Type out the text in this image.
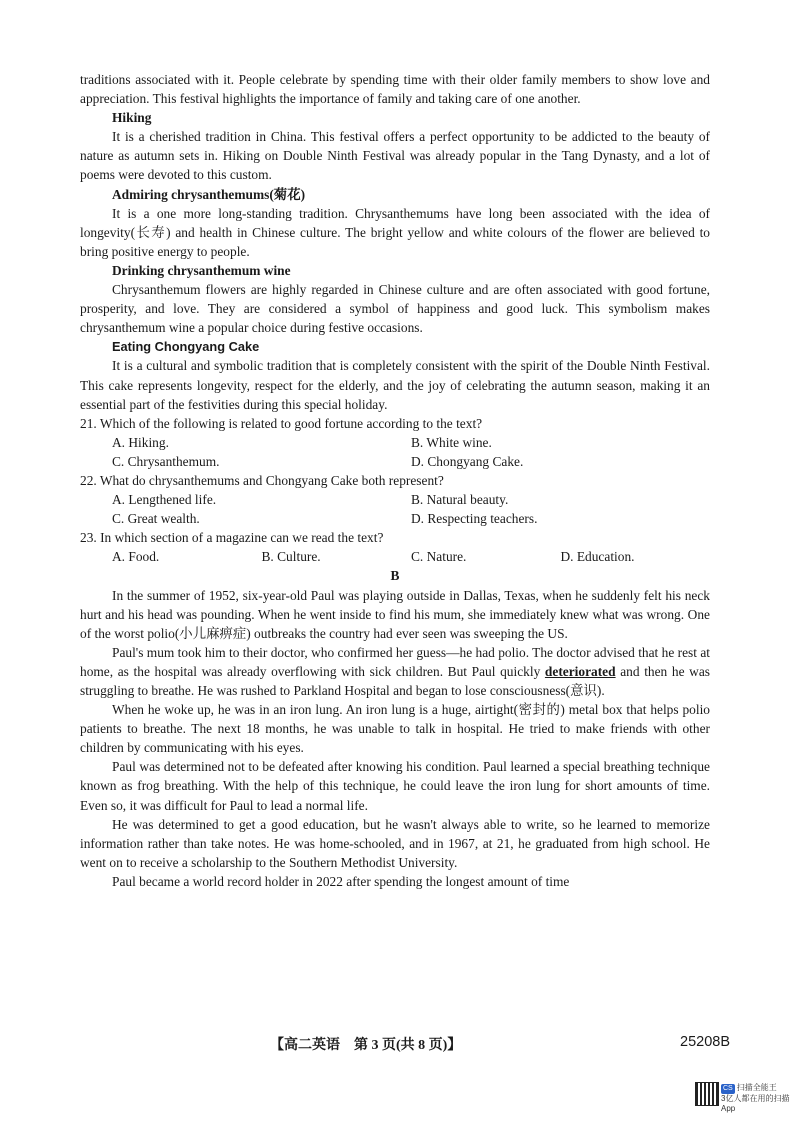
traditions associated with it. People celebrate by spending time with their older family members to show love and appreciation. This festival highlights the importance of family and taking care of one another.

Hiking

It is a cherished tradition in China. This festival offers a perfect opportunity to be addicted to the beauty of nature as autumn sets in. Hiking on Double Ninth Festival was already popular in the Tang Dynasty, and a lot of poems were devoted to this custom.

Admiring chrysanthemums(菊花)

It is a one more long-standing tradition. Chrysanthemums have long been associated with the idea of longevity(长寿) and health in Chinese culture. The bright yellow and white colours of the flower are believed to bring positive energy to people.

Drinking chrysanthemum wine

Chrysanthemum flowers are highly regarded in Chinese culture and are often associated with good fortune, prosperity, and love. They are considered a symbol of happiness and good luck. This symbolism makes chrysanthemum wine a popular choice during festive occasions.

Eating Chongyang Cake

It is a cultural and symbolic tradition that is completely consistent with the spirit of the Double Ninth Festival. This cake represents longevity, respect for the elderly, and the joy of celebrating the autumn season, making it an essential part of the festivities during this special holiday.

21. Which of the following is related to good fortune according to the text?

A. Hiking.	B. White wine.
C. Chrysanthemum.	D. Chongyang Cake.

22. What do chrysanthemums and Chongyang Cake both represent?

A. Lengthened life.	B. Natural beauty.
C. Great wealth.	D. Respecting teachers.

23. In which section of a magazine can we read the text?

A. Food.	B. Culture.	C. Nature.	D. Education.

B

In the summer of 1952, six-year-old Paul was playing outside in Dallas, Texas, when he suddenly felt his neck hurt and his head was pounding. When he went inside to find his mum, she immediately knew what was wrong. One of the worst polio(小儿麻痹症) outbreaks the country had ever seen was sweeping the US.

Paul's mum took him to their doctor, who confirmed her guess—he had polio. The doctor advised that he rest at home, as the hospital was already overflowing with sick children. But Paul quickly deteriorated and then he was struggling to breathe. He was rushed to Parkland Hospital and began to lose consciousness(意识).

When he woke up, he was in an iron lung. An iron lung is a huge, airtight(密封的) metal box that helps polio patients to breathe. The next 18 months, he was unable to talk in hospital. He tried to make friends with other children by communicating with his eyes.

Paul was determined not to be defeated after knowing his condition. Paul learned a special breathing technique known as frog breathing. With the help of this technique, he could leave the iron lung for short amounts of time. Even so, it was difficult for Paul to lead a normal life.

He was determined to get a good education, but he wasn't always able to write, so he learned to memorize information rather than take notes. He was home-schooled, and in 1967, at 21, he graduated from high school. He went on to receive a scholarship to the Southern Methodist University.

Paul became a world record holder in 2022 after spending the longest amount of time

【高二英语　第 3 页(共 8 页)】	25208B
CS 扫描全能王
3亿人都在用的扫描App
